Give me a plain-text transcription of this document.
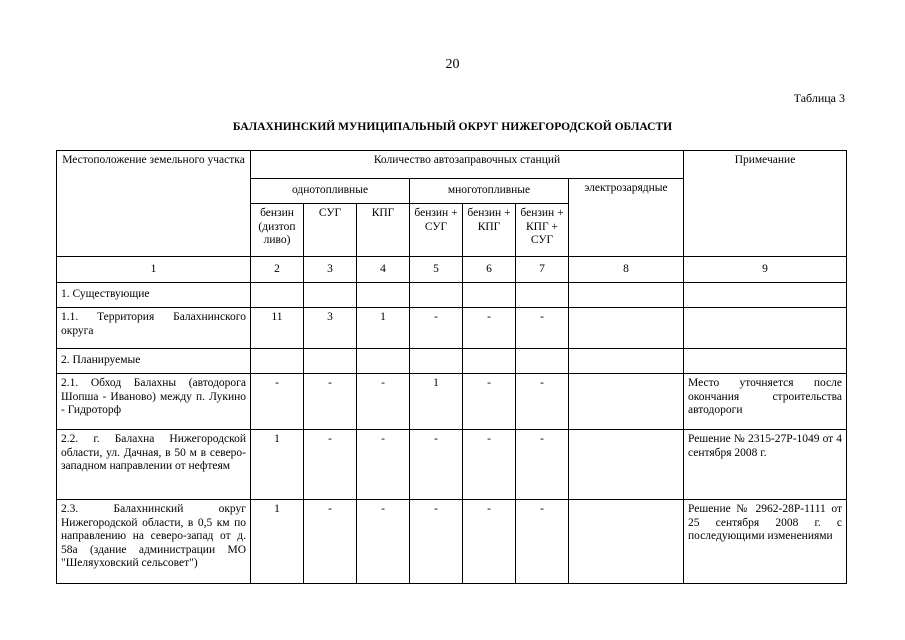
20
Таблица 3
БАЛАХНИНСКИЙ МУНИЦИПАЛЬНЫЙ ОКРУГ НИЖЕГОРОДСКОЙ ОБЛАСТИ
Местоположение земельного участка	Количество автозаправочных станций							Примечание
	однотопливные			многотопливные			электрозарядные	
	бензин (дизтоп ливо)	СУГ	КПГ	бензин + СУГ	бензин + КПГ	бензин + КПГ + СУГ		
1	2	3	4	5	6	7	8	9
1. Существующие								
1.1. Территория Балахнинского округа	11	3	1	-	-	-		
2. Планируемые								
2.1. Обход Балахны (автодорога Шопша - Иваново) между п. Лукино - Гидроторф	-	-	-	1	-	-		Место уточняется после окончания строительства автодороги
2.2. г. Балахна Нижегородской области, ул. Дачная, в 50 м в северо-западном направлении от нефтеям	1	-	-	-	-	-		Решение № 2315-27Р-1049 от 4 сентября 2008 г.
2.3. Балахнинский округ Нижегородской области, в 0,5 км по направлению на северо-запад от д. 58а (здание администрации МО "Шеляуховский сельсовет")	1	-	-	-	-	-		Решение № 2962-28Р-1111 от 25 сентября 2008 г. с последующими изменениями
